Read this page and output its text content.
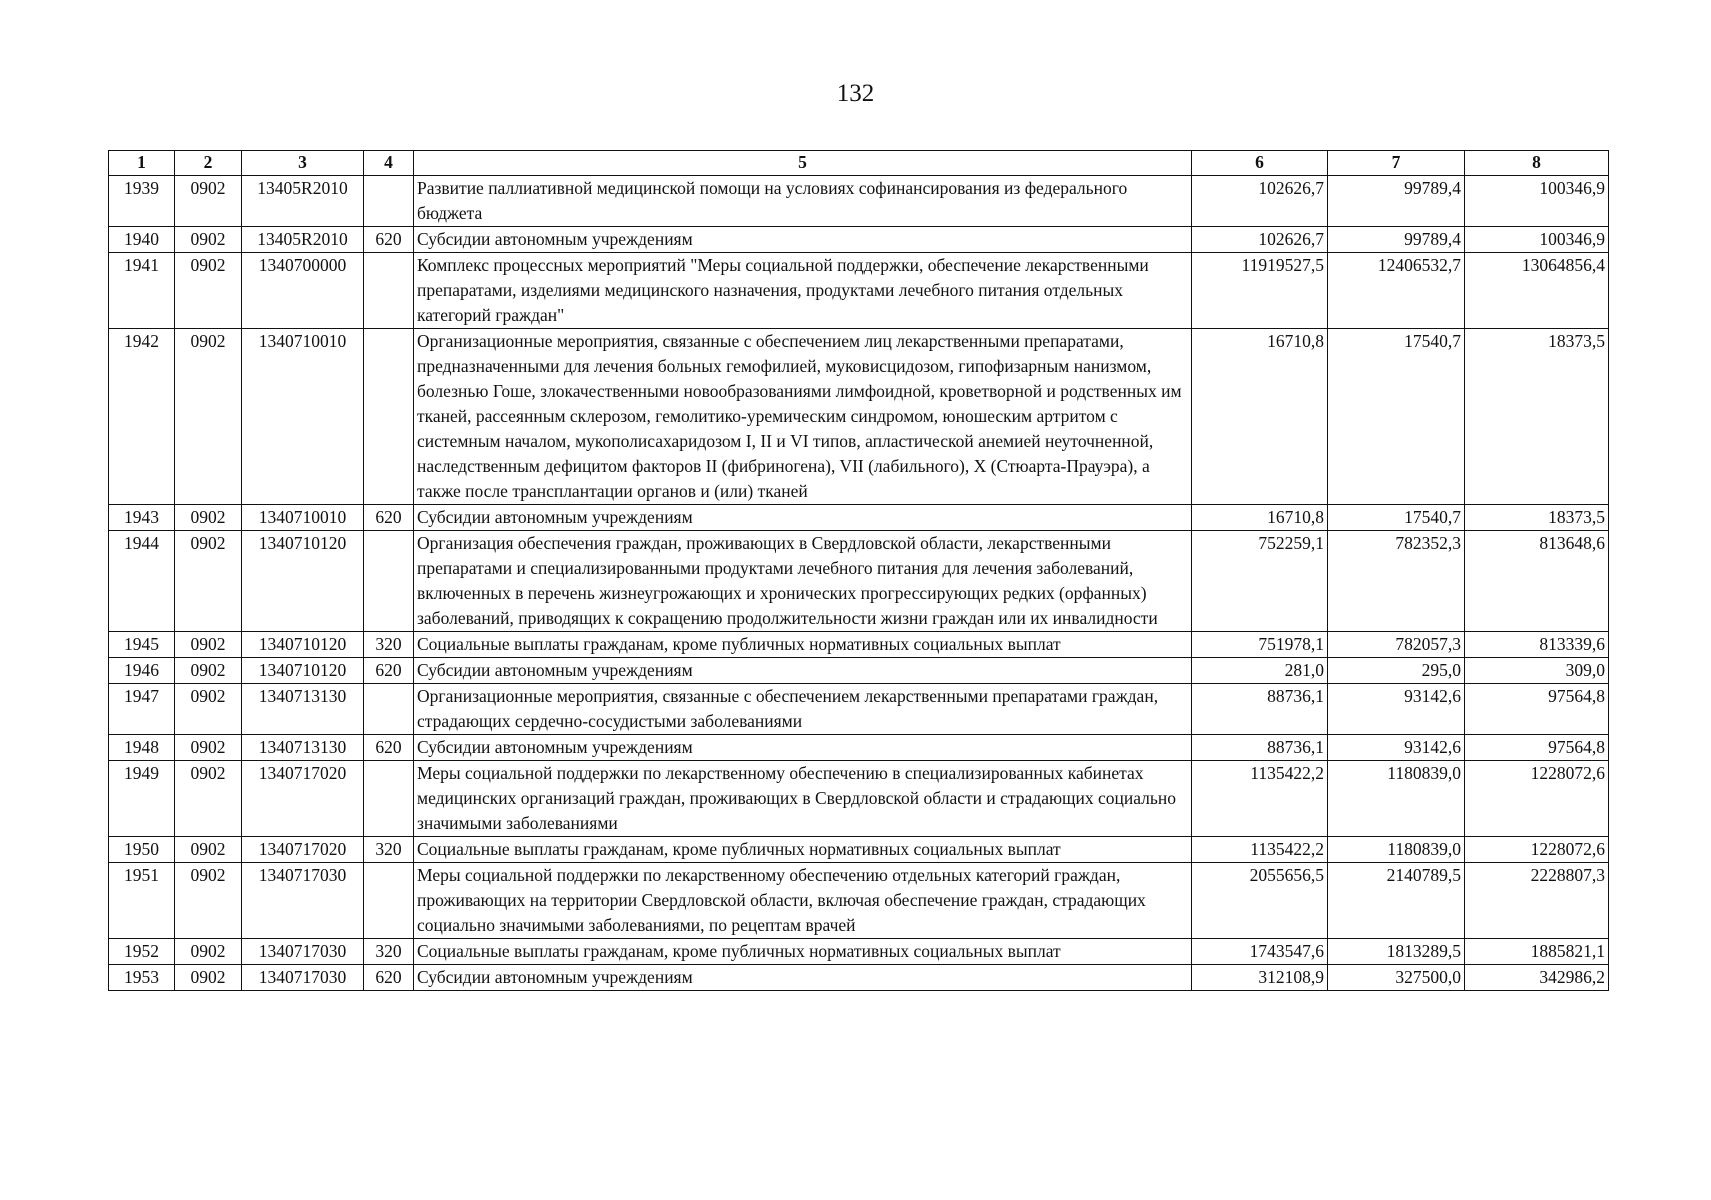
132
1	2	3	4	5	6	7	8
1939	0902	13405R2010		Развитие паллиативной медицинской помощи на условиях софинансирования из федерального бюджета	102626,7	99789,4	100346,9
1940	0902	13405R2010	620	Субсидии автономным учреждениям	102626,7	99789,4	100346,9
1941	0902	1340700000		Комплекс процессных мероприятий "Меры социальной поддержки, обеспечение лекарственными препаратами, изделиями медицинского назначения, продуктами лечебного питания отдельных категорий граждан"	11919527,5	12406532,7	13064856,4
1942	0902	1340710010		Организационные мероприятия, связанные с обеспечением лиц лекарственными препаратами, предназначенными для лечения больных гемофилией, муковисцидозом, гипофизарным нанизмом, болезнью Гоше, злокачественными новообразованиями лимфоидной, кроветворной и родственных им тканей, рассеянным склерозом, гемолитико-уремическим синдромом, юношеским артритом с системным началом, мукополисахаридозом I, II и VI типов, апластической анемией неуточненной, наследственным дефицитом факторов II (фибриногена), VII (лабильного), X (Стюарта-Прауэра), а также после трансплантации органов и (или) тканей	16710,8	17540,7	18373,5
1943	0902	1340710010	620	Субсидии автономным учреждениям	16710,8	17540,7	18373,5
1944	0902	1340710120		Организация обеспечения граждан, проживающих в Свердловской области, лекарственными препаратами и специализированными продуктами лечебного питания для лечения заболеваний, включенных в перечень жизнеугрожающих и хронических прогрессирующих редких (орфанных) заболеваний, приводящих к сокращению продолжительности жизни граждан или их инвалидности	752259,1	782352,3	813648,6
1945	0902	1340710120	320	Социальные выплаты гражданам, кроме публичных нормативных социальных выплат	751978,1	782057,3	813339,6
1946	0902	1340710120	620	Субсидии автономным учреждениям	281,0	295,0	309,0
1947	0902	1340713130		Организационные мероприятия, связанные с обеспечением лекарственными препаратами граждан, страдающих сердечно-сосудистыми заболеваниями	88736,1	93142,6	97564,8
1948	0902	1340713130	620	Субсидии автономным учреждениям	88736,1	93142,6	97564,8
1949	0902	1340717020		Меры социальной поддержки по лекарственному обеспечению в специализированных кабинетах медицинских организаций граждан, проживающих в Свердловской области и страдающих социально значимыми заболеваниями	1135422,2	1180839,0	1228072,6
1950	0902	1340717020	320	Социальные выплаты гражданам, кроме публичных нормативных социальных выплат	1135422,2	1180839,0	1228072,6
1951	0902	1340717030		Меры социальной поддержки по лекарственному обеспечению отдельных категорий граждан, проживающих на территории Свердловской области, включая обеспечение граждан, страдающих социально значимыми заболеваниями, по рецептам врачей	2055656,5	2140789,5	2228807,3
1952	0902	1340717030	320	Социальные выплаты гражданам, кроме публичных нормативных социальных выплат	1743547,6	1813289,5	1885821,1
1953	0902	1340717030	620	Субсидии автономным учреждениям	312108,9	327500,0	342986,2
